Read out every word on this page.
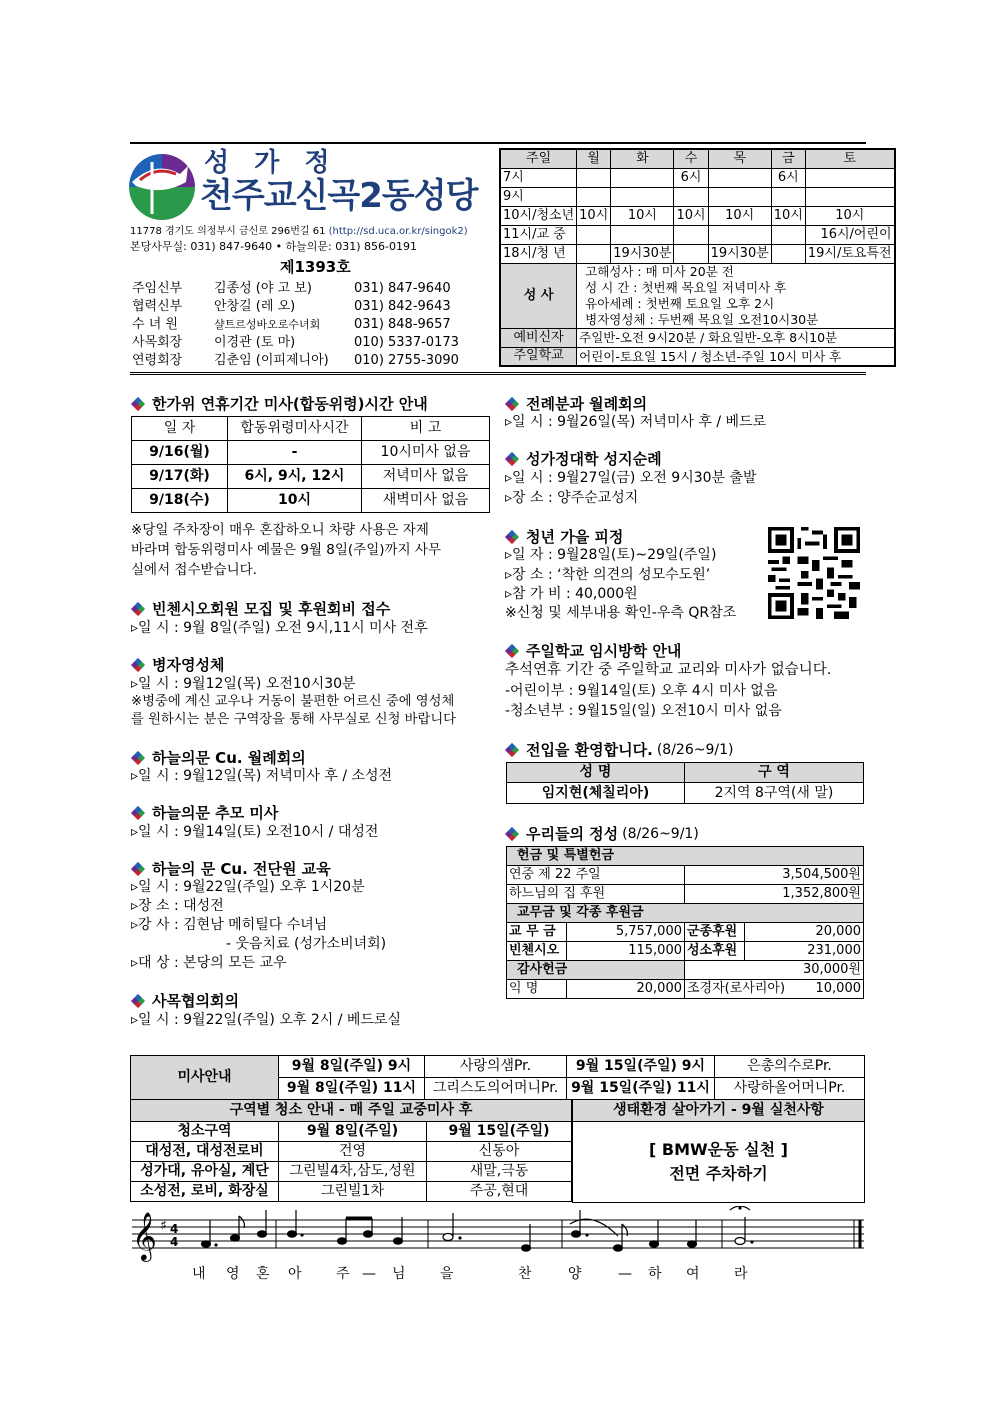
성 가 정
천주교신곡2동성당
11778 경기도 의정부시 금신로 296번길 61 (http://sd.uca.or.kr/singok2)
본당사무실: 031) 847-9640 • 하늘의문: 031) 856-0191
제1393호
주임신부	김종성 (야 고 보)	031) 847-9640
협력신부	안창길 (레 오)	031) 842-9643
수 녀 원	샬트르성바오로수녀회	031) 848-9657
사목회장	이경관 (토 마)	010) 5337-0173
연령회장	김춘임 (이피제니아)	010) 2755-3090
주일	월	화	수	목	금	토
7시			6시		6시	
9시						
10시/청소년	10시	10시	10시	10시	10시	10시
11시/교 중						16시/어린이
18시/청 년		19시30분		19시30분		19시/토요특전
성 사	고해성사 : 매 미사 20분 전
성 시 간 : 첫번째 목요일 저녁미사 후
유아세례 : 첫번째 토요일 오후 2시
병자영성체 : 두번째 목요일 오전10시30분					

예비신자	주일반-오전 9시20분 / 화요일반-오후 8시10분					
주일학교	어린이-토요일 15시 / 청소년-주일 10시 미사 후					
한가위 연휴기간 미사(합동위령)시간 안내
일 자	합동위령미사시간	비 고
9/16(월)	-	10시미사 없음
9/17(화)	6시, 9시, 12시	저녁미사 없음
9/18(수)	10시	새벽미사 없음
※당일 주차장이 매우 혼잡하오니 차량 사용은 자제
바라며 합동위령미사 예물은 9월 8일(주일)까지 사무
실에서 접수받습니다.
빈첸시오회원 모집 및 후원회비 접수
▹일 시 : 9월 8일(주일) 오전 9시,11시 미사 전후
병자영성체
▹일 시 : 9월12일(목) 오전10시30분
※병중에 계신 교우나 거동이 불편한 어르신 중에 영성체
를 원하시는 분은 구역장을 통해 사무실로 신청 바랍니다
하늘의문 Cu. 월례회의
▹일 시 : 9월12일(목) 저녁미사 후 / 소성전
하늘의문 추모 미사
▹일 시 : 9월14일(토) 오전10시 / 대성전
하늘의 문 Cu. 전단원 교육
▹일 시 : 9월22일(주일) 오후 1시20분
▹장 소 : 대성전
▹강 사 : 김현남 메히틸다 수녀님
- 웃음치료 (성가소비녀회)
▹대 상 : 본당의 모든 교우
사목협의회의
▹일 시 : 9월22일(주일) 오후 2시 / 베드로실
전례분과 월례회의
▹일 시 : 9월26일(목) 저녁미사 후 / 베드로
성가정대학 성지순례
▹일 시 : 9월27일(금) 오전 9시30분 출발
▹장 소 : 양주순교성지
청년 가을 피정
▹일 자 : 9월28일(토)~29일(주일)
▹장 소 : ‘착한 의견의 성모수도원’
▹참 가 비 : 40,000원
※신청 및 세부내용 확인-우측 QR참조
주일학교 임시방학 안내
추석연휴 기간 중 주일학교 교리와 미사가 없습니다.
-어린이부 : 9월14일(토) 오후 4시 미사 없음
-청소년부 : 9월15일(일) 오전10시 미사 없음
전입을 환영합니다. (8/26~9/1)
성 명	구 역
임지현(체칠리아)	2지역 8구역(새 말)
우리들의 정성 (8/26~9/1)
헌금 및 특별헌금			
연중 제 22 주일		3,504,500원	
하느님의 집 후원		1,352,800원	
교무금 및 각종 후원금			
교 무 금	5,757,000	군종후원	20,000
빈첸시오	115,000	성소후원	231,000
감사헌금		30,000원	
익 명	20,000	조경자(로사리아) 10,000	
미사안내	9월 8일(주일) 9시	사랑의샘Pr.	9월 15일(주일) 9시	은총의수로Pr.
	9월 8일(주일) 11시	그리스도의어머니Pr.	9월 15일(주일) 11시	사랑하올어머니Pr.
구역별 청소 안내 - 매 주일 교중미사 후		
청소구역	9월 8일(주일)	9월 15일(주일)
대성전, 대성전로비	건영	신동아
성가대, 유아실, 계단	그린빌4차,삼도,성원	새말,극동
소성전, 로비, 화장실	그린빌1차	주공,현대
생태환경 살아가기 - 9월 실천사항

[ BMW운동 실천 ]
전면 주차하기
𝄞 ♯ 4
4
내 영 혼 아 주 — 님 을	찬	양	— 하 여 라
